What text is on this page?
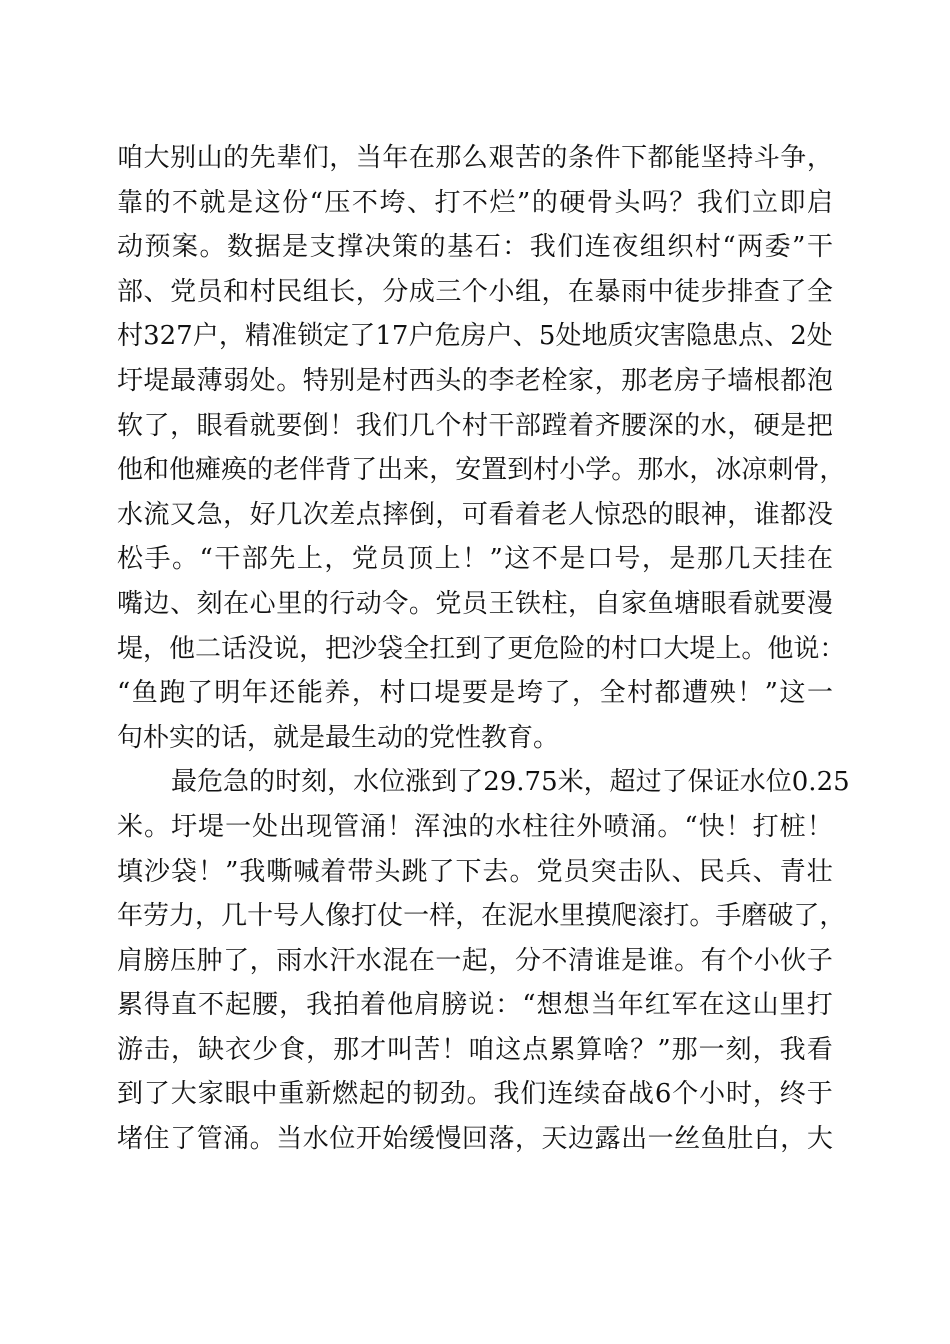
咱 大 别 山 的 先 辈 们 ， 当 年 在 那 么 艰 苦 的 条 件 下 都 能 坚 持 斗 争 ，
靠 的 不 就 是 这 份 “ 压 不 垮 、 打 不 烂 ” 的 硬 骨 头 吗 ？ 我 们 立 即 启
动 预 案 。 数 据 是 支 撑 决 策 的 基 石 ： 我 们 连 夜 组 织 村 “ 两 委 ” 干
部 、 党 员 和 村 民 组 长 ， 分 成 三 个 小 组 ， 在 暴 雨 中 徒 步 排 查 了 全
村 327 户 ， 精 准 锁 定 了 17 户 危 房 户 、 5 处 地 质 灾 害 隐 患 点 、 2 处
圩 堤 最 薄 弱 处 。 特 别 是 村 西 头 的 李 老 栓 家 ， 那 老 房 子 墙 根 都 泡
软 了 ， 眼 看 就 要 倒 ！ 我 们 几 个 村 干 部 蹚 着 齐 腰 深 的 水 ， 硬 是 把
他 和 他 瘫 痪 的 老 伴 背 了 出 来 ， 安 置 到 村 小 学 。 那 水 ， 冰 凉 刺 骨 ，
水 流 又 急 ， 好 几 次 差 点 摔 倒 ， 可 看 着 老 人 惊 恐 的 眼 神 ， 谁 都 没
松 手 。 “ 干 部 先 上 ， 党 员 顶 上 ！ ” 这 不 是 口 号 ， 是 那 几 天 挂 在
嘴 边 、 刻 在 心 里 的 行 动 令 。 党 员 王 铁 柱 ， 自 家 鱼 塘 眼 看 就 要 漫
堤 ， 他 二 话 没 说 ， 把 沙 袋 全 扛 到 了 更 危 险 的 村 口 大 堤 上 。 他 说 ：
“ 鱼 跑 了 明 年 还 能 养 ， 村 口 堤 要 是 垮 了 ， 全 村 都 遭 殃 ！ ” 这 一
句朴实的话，就是最生动的党性教育。
最 危 急 的 时 刻 ， 水 位 涨 到 了 29.75 米 ， 超 过 了 保 证 水 位 0.25
米 。 圩 堤 一 处 出 现 管 涌 ！ 浑 浊 的 水 柱 往 外 喷 涌 。 “ 快 ！ 打 桩 ！
填 沙 袋 ！ ” 我 嘶 喊 着 带 头 跳 了 下 去 。 党 员 突 击 队 、 民 兵 、 青 壮
年 劳 力 ， 几 十 号 人 像 打 仗 一 样 ， 在 泥 水 里 摸 爬 滚 打 。 手 磨 破 了 ，
肩 膀 压 肿 了 ， 雨 水 汗 水 混 在 一 起 ， 分 不 清 谁 是 谁 。 有 个 小 伙 子
累 得 直 不 起 腰 ， 我 拍 着 他 肩 膀 说 ： “ 想 想 当 年 红 军 在 这 山 里 打
游 击 ， 缺 衣 少 食 ， 那 才 叫 苦 ！ 咱 这 点 累 算 啥 ？ ” 那 一 刻 ， 我 看
到 了 大 家 眼 中 重 新 燃 起 的 韧 劲 。 我 们 连 续 奋 战 6 个 小 时 ， 终 于
堵 住 了 管 涌 。 当 水 位 开 始 缓 慢 回 落 ， 天 边 露 出 一 丝 鱼 肚 白 ， 大
